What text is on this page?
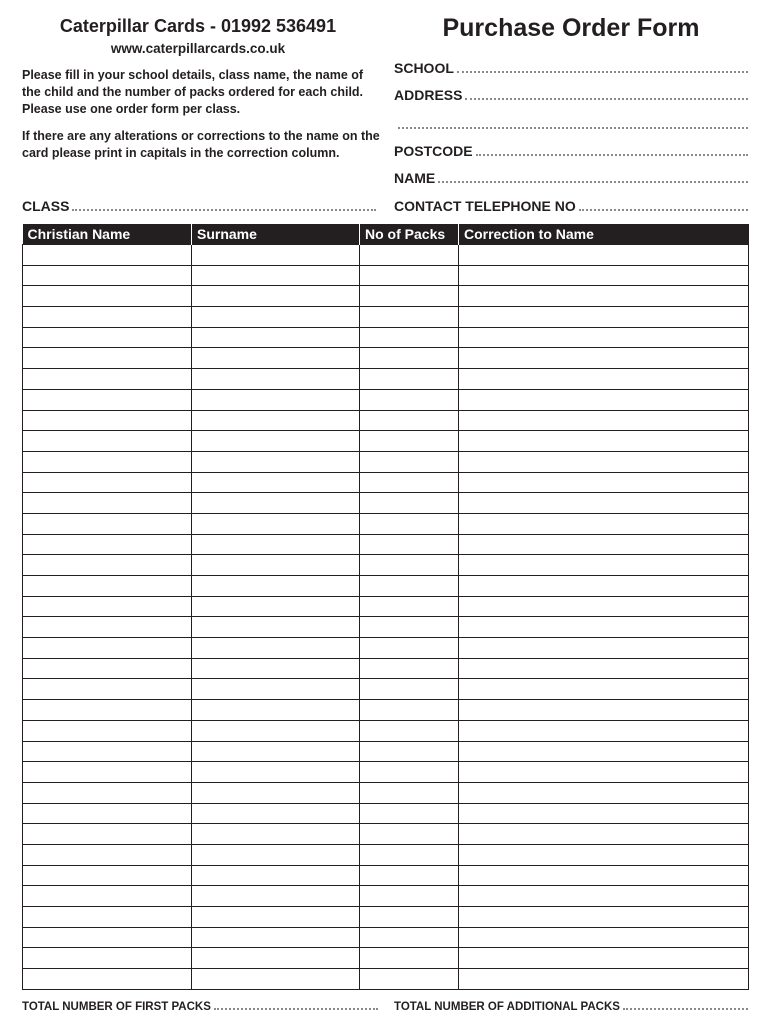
Caterpillar Cards - 01992 536491
www.caterpillarcards.co.uk
Purchase Order Form

Please fill in your school details, class name, the name of the child and the number of packs ordered for each child. Please use one order form per class.

If there are any alterations or corrections to the name on the card please print in capitals in the correction column.

SCHOOL
ADDRESS
POSTCODE
NAME
CLASS	CONTACT TELEPHONE NO
Christian Name	Surname	No of Packs	Correction to Name

TOTAL NUMBER OF FIRST PACKS	TOTAL NUMBER OF ADDITIONAL PACKS
